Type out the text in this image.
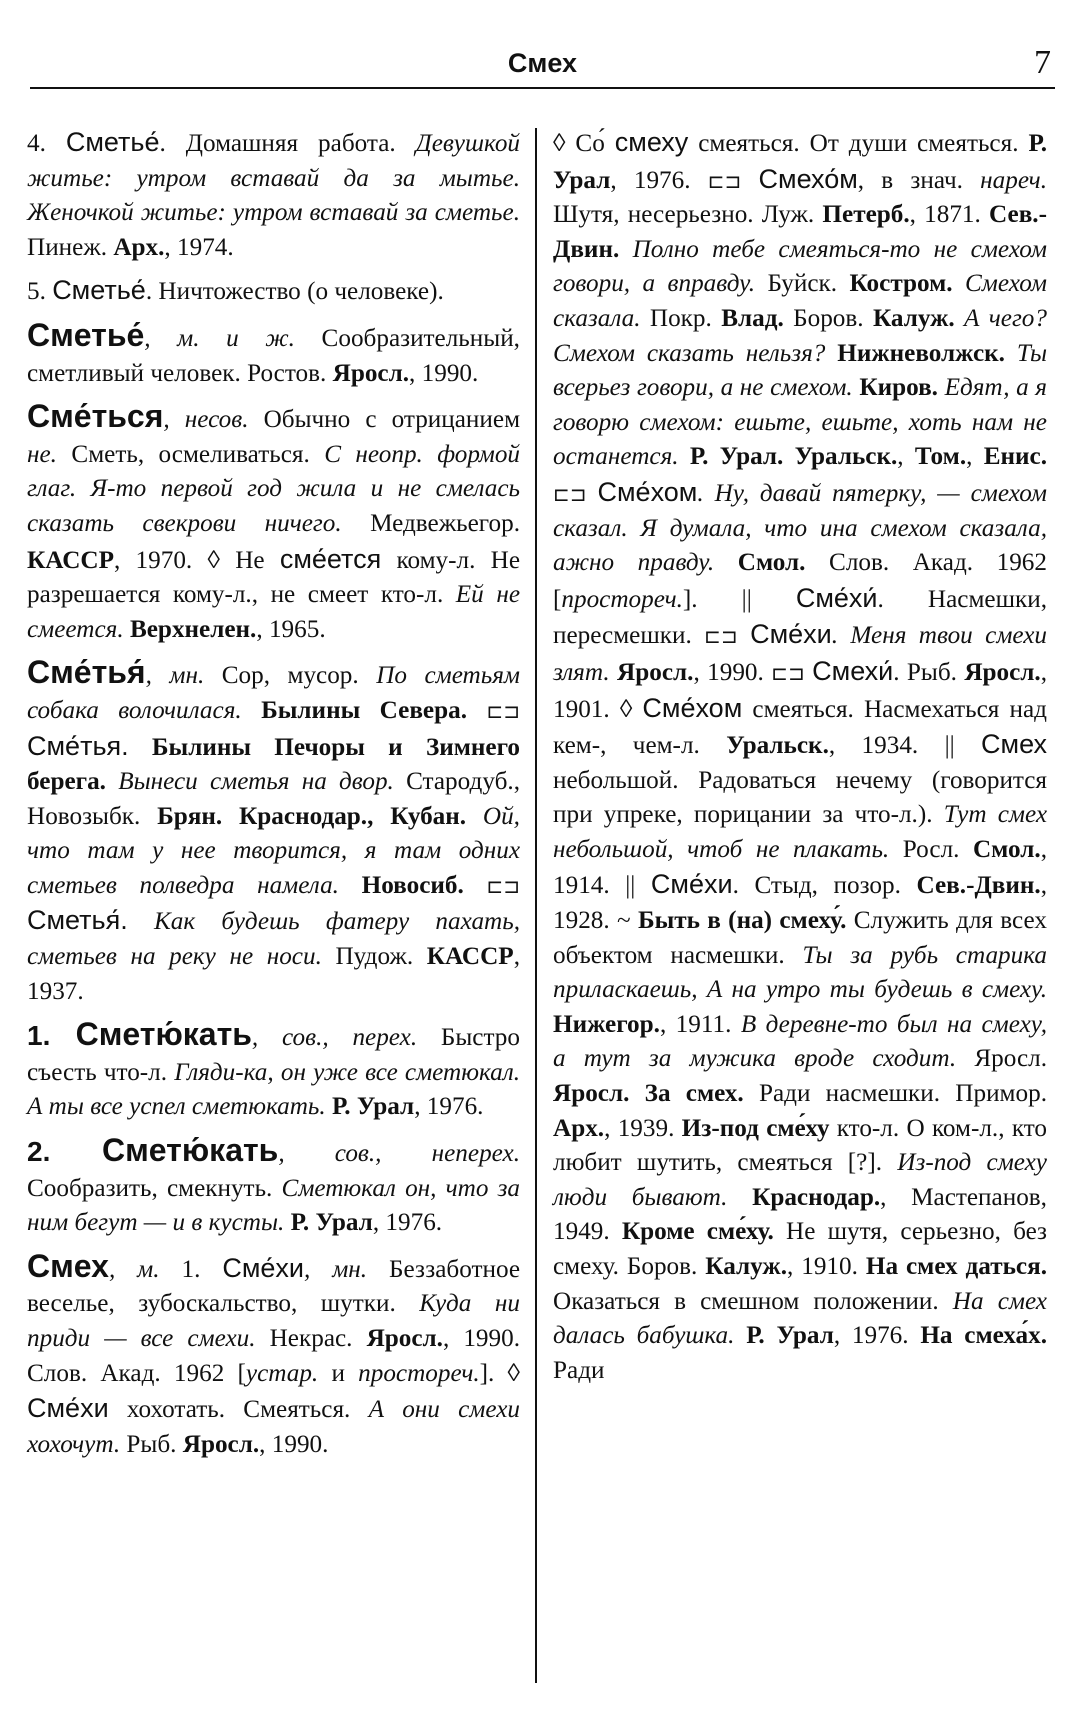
Смех	7

4. Сметье́. Домашняя работа. Девушкой житье: утром вставай да за мытье. Женочкой житье: утром вставай за сметье. Пинеж. Арх., 1974.

5. Сметье́. Ничтожество (о человеке).

Сметье́, м. и ж. Сообразительный, сметливый человек. Ростов. Яросл., 1990.

Сме́ться, несов. Обычно с отрицанием не. Сметь, осмеливаться. С неопр. формой глаг. Я-то первой год жила и не смелась сказать свекрови ничего. Медвежьегор. КАССР, 1970. ◊ Не сме́ется кому-л. Не разрешается кому-л., не смеет кто-л. Ей не смеется. Верхнелен., 1965.

Сме́тья́, мн. Сор, мусор. По сметьям собака волочилася. Былины Севера. ⊏⊐ Сме́тья. Былины Печоры и Зимнего берега. Вынеси сметья на двор. Стародуб., Новозыбк. Брян. Краснодар., Кубан. Ой, что там у нее творится, я там одних сметьев полведра намела. Новосиб. ⊏⊐ Сметья́. Как будешь фатеру пахать, сметьев на реку не носи. Пудож. КАССР, 1937.

1. Сметю́кать, сов., перех. Быстро съесть что-л. Гляди-ка, он уже все сметюкал. А ты все успел сметюкать. Р. Урал, 1976.

2. Сметю́кать, сов., неперех. Сообразить, смекнуть. Сметюкал он, что за ним бегут — и в кусты. Р. Урал, 1976.

Смех, м. 1. Сме́хи, мн. Беззаботное веселье, зубоскальство, шутки. Куда ни приди — все смехи. Некрас. Яросл., 1990. Слов. Акад. 1962 [устар. и простореч.]. ◊ Сме́хи хохотать. Смеяться. А они смехи хохочут. Рыб. Яросл., 1990.

◊ Со́ смеху смеяться. От души смеяться. Р. Урал, 1976. ⊏⊐ Смехо́м, в знач. нареч. Шутя, несерьезно. Луж. Петерб., 1871. Сев.-Двин. Полно тебе смеяться-то не смехом говори, а вправду. Буйск. Костром. Смехом сказала. Покр. Влад. Боров. Калуж. А чего? Смехом сказать нельзя? Нижневолжск. Ты всерьез говори, а не смехом. Киров. Едят, а я говорю смехом: ешьте, ешьте, хоть нам не останется. Р. Урал. Уральск., Том., Енис. ⊏⊐ Сме́хом. Ну, давай пятерку, — смехом сказал. Я думала, что ина смехом сказала, ажно правду. Смол. Слов. Акад. 1962 [простореч.]. || Сме́хи́. Насмешки, пересмешки. ⊏⊐ Сме́хи. Меня твои смехи злят. Яросл., 1990. ⊏⊐ Смехи́. Рыб. Яросл., 1901. ◊ Сме́хом смеяться. Насмехаться над кем-, чем-л. Уральск., 1934. || Смех небольшой. Радоваться нечему (говорится при упреке, порицании за что-л.). Тут смех небольшой, чтоб не плакать. Росл. Смол., 1914. || Сме́хи. Стыд, позор. Сев.-Двин., 1928. ~ Быть в (на) смеху́. Служить для всех объектом насмешки. Ты за рубь старика приласкаешь, А на утро ты будешь в смеху. Нижегор., 1911. В деревне-то был на смеху, а тут за мужика вроде сходит. Яросл. Яросл. За смех. Ради насмешки. Примор. Арх., 1939. Из-под сме́ху кто-л. О ком-л., кто любит шутить, смеяться [?]. Из-под смеху люди бывают. Краснодар., Мастепанов, 1949. Кроме сме́ху. Не шутя, серьезно, без смеху. Боров. Калуж., 1910. На смех даться. Оказаться в смешном положении. На смех далась бабушка. Р. Урал, 1976. На смеха́х. Ради
